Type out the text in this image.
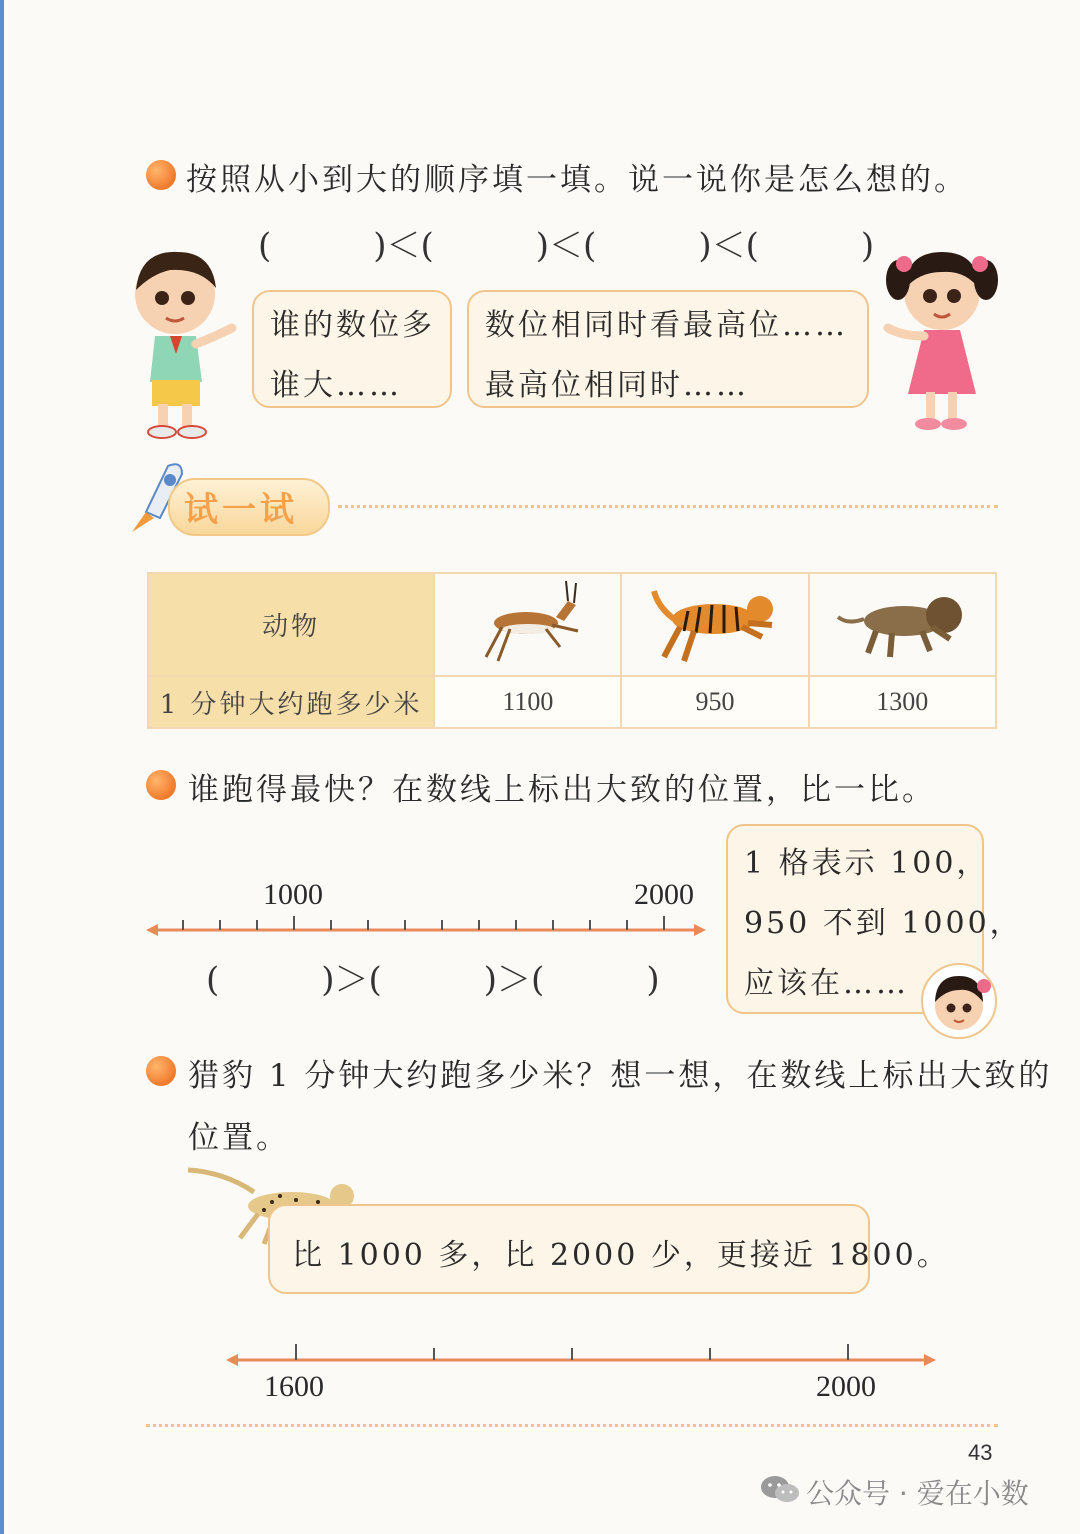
按照从小到大的顺序填一填。说一说你是怎么想的。
(　　　)＜(　　　)＜(　　　)＜(　　　)
谁的数位多
谁大……
数位相同时看最高位……
最高位相同时……
试一试
动物			
1 分钟大约跑多少米	1100	950	1300
谁跑得最快？在数线上标出大致的位置，比一比。
1000	2000
(　　　)＞(　　　)＞(　　　)
1 格表示 100，
950 不到 1000，
应该在……
猎豹 1 分钟大约跑多少米？想一想，在数线上标出大致的
位置。
比 1000 多，比 2000 少，更接近 1800。
1600	2000
43
公众号 · 爱在小数
